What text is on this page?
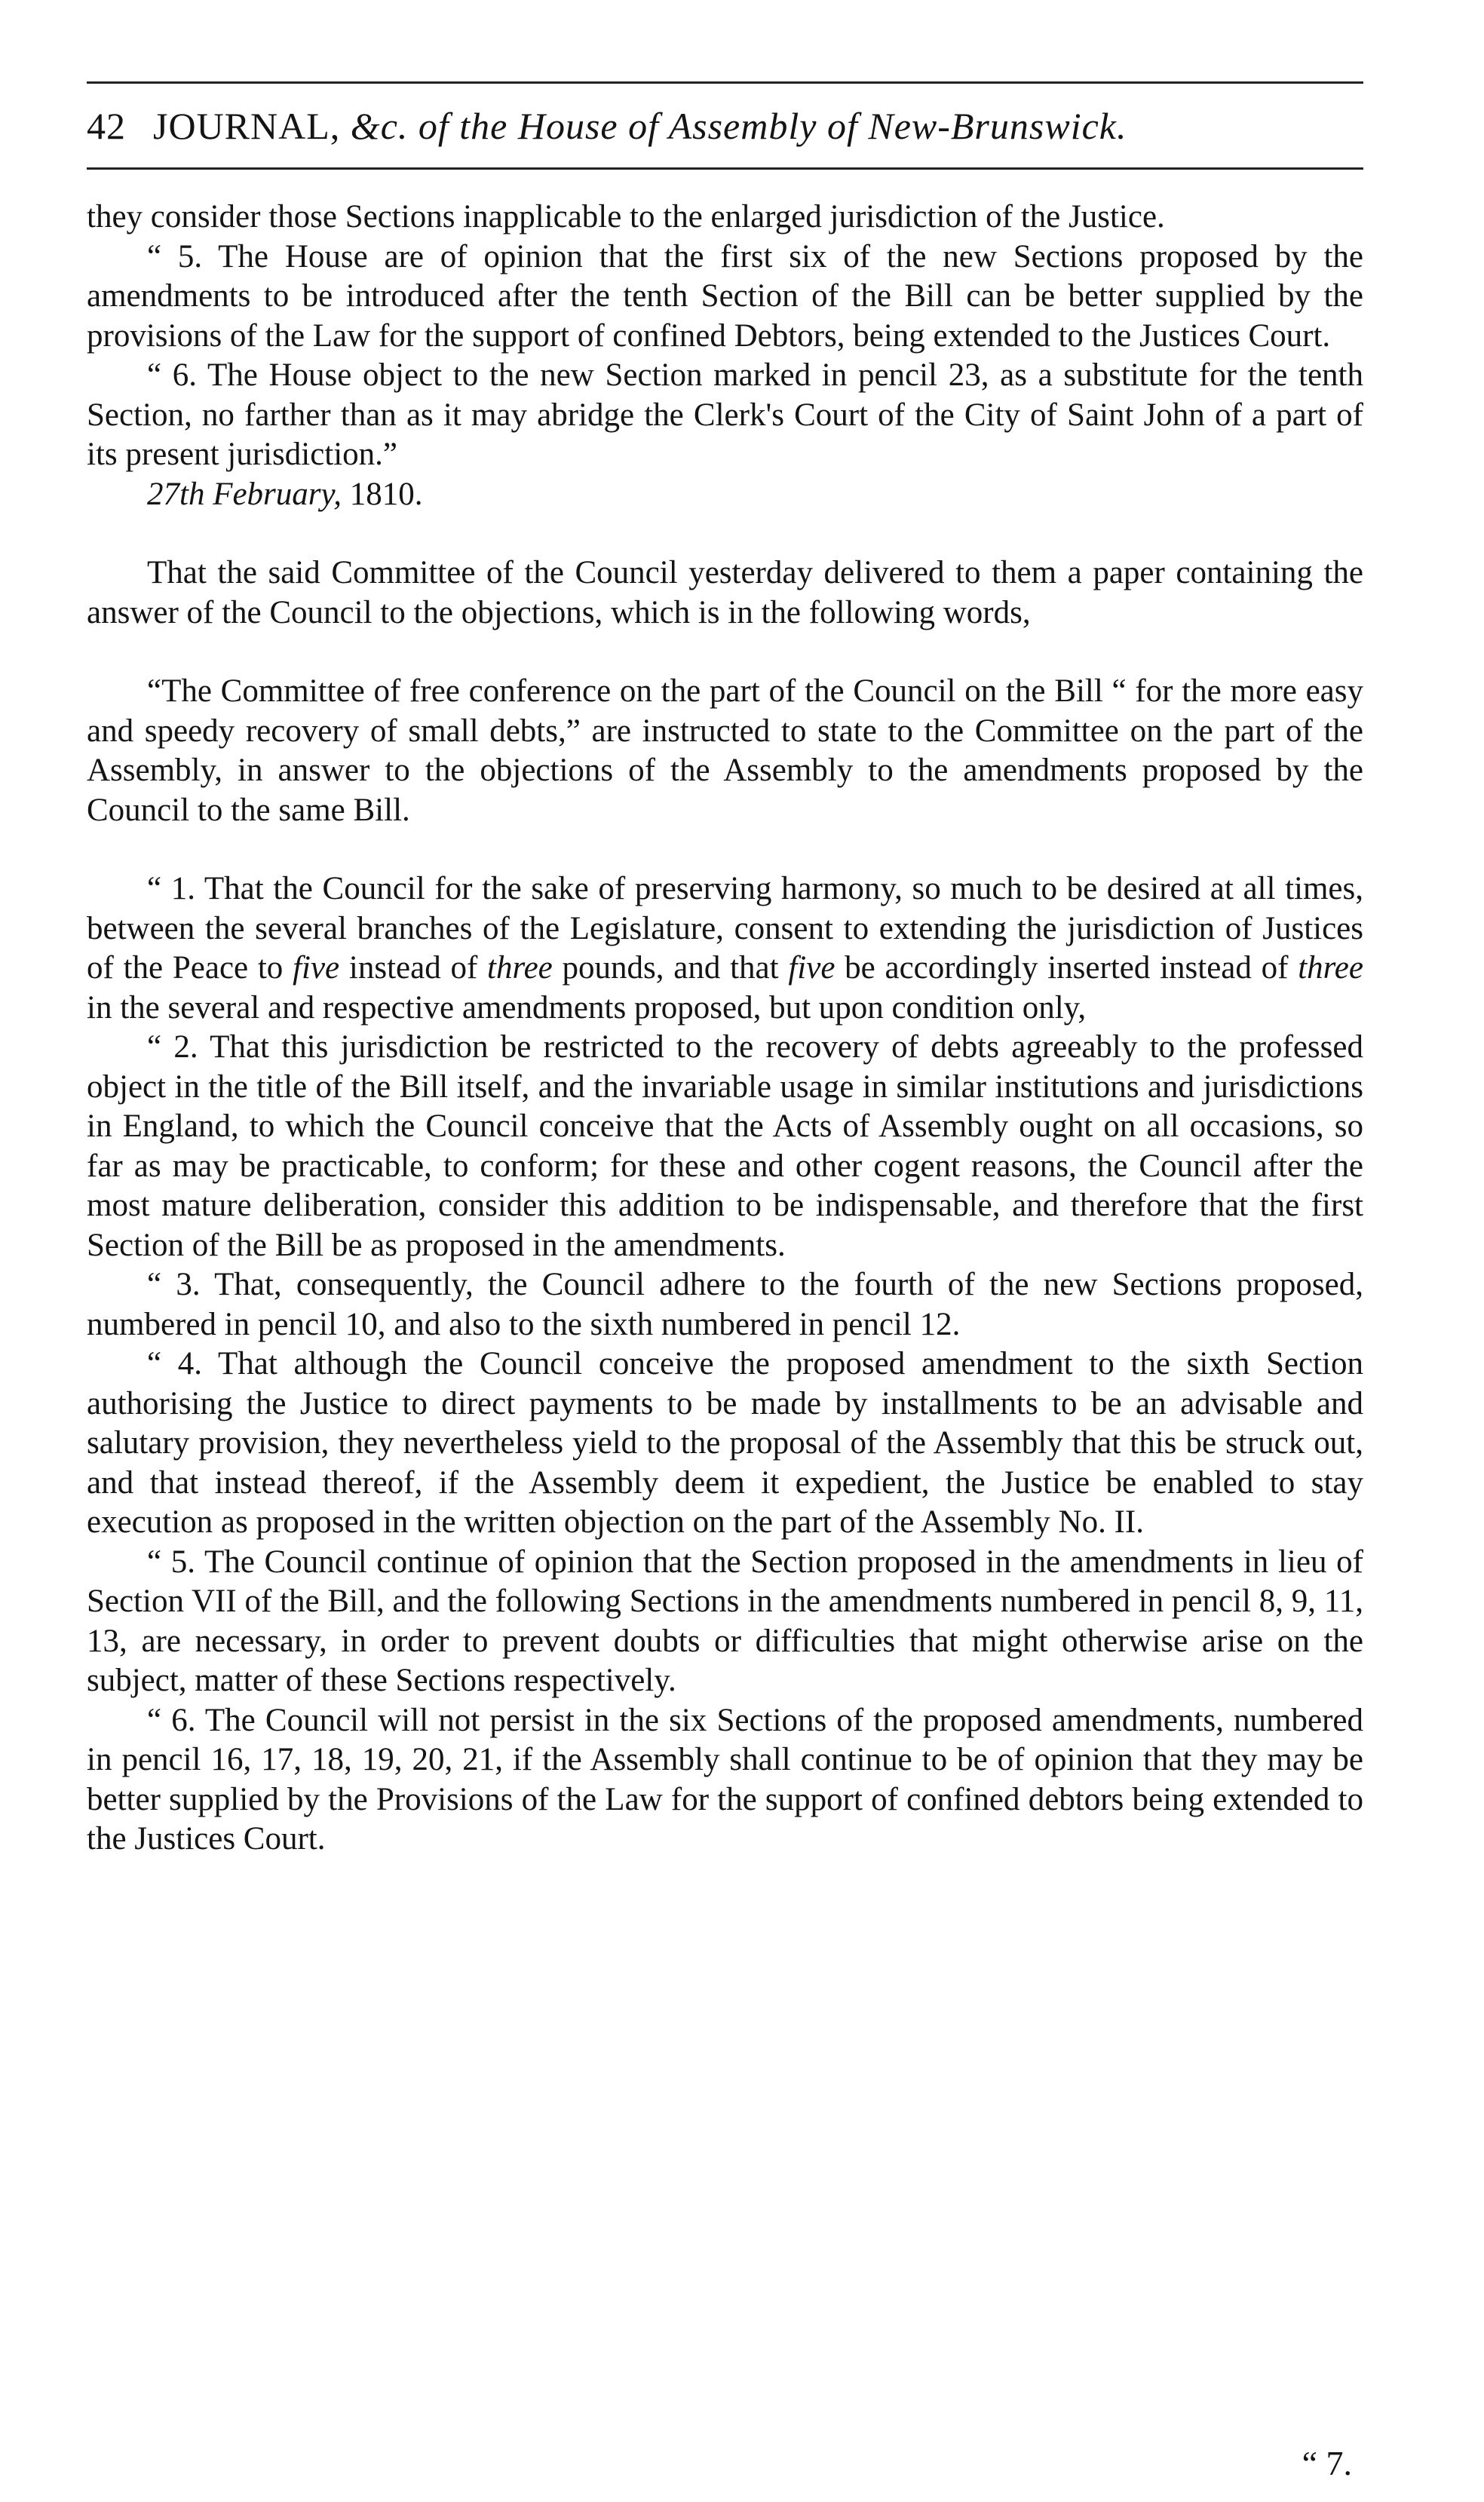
42 JOURNAL, &c. of the House of Assembly of New-Brunswick.

they consider those Sections inapplicable to the enlarged jurisdiction of the Justice.

“ 5. The House are of opinion that the first six of the new Sections proposed by the amendments to be introduced after the tenth Section of the Bill can be better supplied by the provisions of the Law for the support of confined Debtors, being extended to the Justices Court.

“ 6. The House object to the new Section marked in pencil 23, as a substitute for the tenth Section, no farther than as it may abridge the Clerk's Court of the City of Saint John of a part of its present jurisdiction.”

27th February, 1810.

That the said Committee of the Council yesterday delivered to them a paper containing the answer of the Council to the objections, which is in the following words,

“The Committee of free conference on the part of the Council on the Bill “ for the more easy and speedy recovery of small debts,” are instructed to state to the Committee on the part of the Assembly, in answer to the objections of the Assembly to the amendments proposed by the Council to the same Bill.

“ 1. That the Council for the sake of preserving harmony, so much to be desired at all times, between the several branches of the Legislature, consent to extending the jurisdiction of Justices of the Peace to five instead of three pounds, and that five be accordingly inserted instead of three in the several and respective amendments proposed, but upon condition only,

“ 2. That this jurisdiction be restricted to the recovery of debts agreeably to the professed object in the title of the Bill itself, and the invariable usage in similar institutions and jurisdictions in England, to which the Council conceive that the Acts of Assembly ought on all occasions, so far as may be practicable, to conform; for these and other cogent reasons, the Council after the most mature deliberation, consider this addition to be indispensable, and therefore that the first Section of the Bill be as proposed in the amendments.

“ 3. That, consequently, the Council adhere to the fourth of the new Sections proposed, numbered in pencil 10, and also to the sixth numbered in pencil 12.

“ 4. That although the Council conceive the proposed amendment to the sixth Section authorising the Justice to direct payments to be made by installments to be an advisable and salutary provision, they nevertheless yield to the proposal of the Assembly that this be struck out, and that instead thereof, if the Assembly deem it expedient, the Justice be enabled to stay execution as proposed in the written objection on the part of the Assembly No. II.

“ 5. The Council continue of opinion that the Section proposed in the amendments in lieu of Section VII of the Bill, and the following Sections in the amendments numbered in pencil 8, 9, 11, 13, are necessary, in order to prevent doubts or difficulties that might otherwise arise on the subject, matter of these Sections respectively.

“ 6. The Council will not persist in the six Sections of the proposed amendments, numbered in pencil 16, 17, 18, 19, 20, 21, if the Assembly shall continue to be of opinion that they may be better supplied by the Provisions of the Law for the support of confined debtors being extended to the Justices Court.

“ 7.
